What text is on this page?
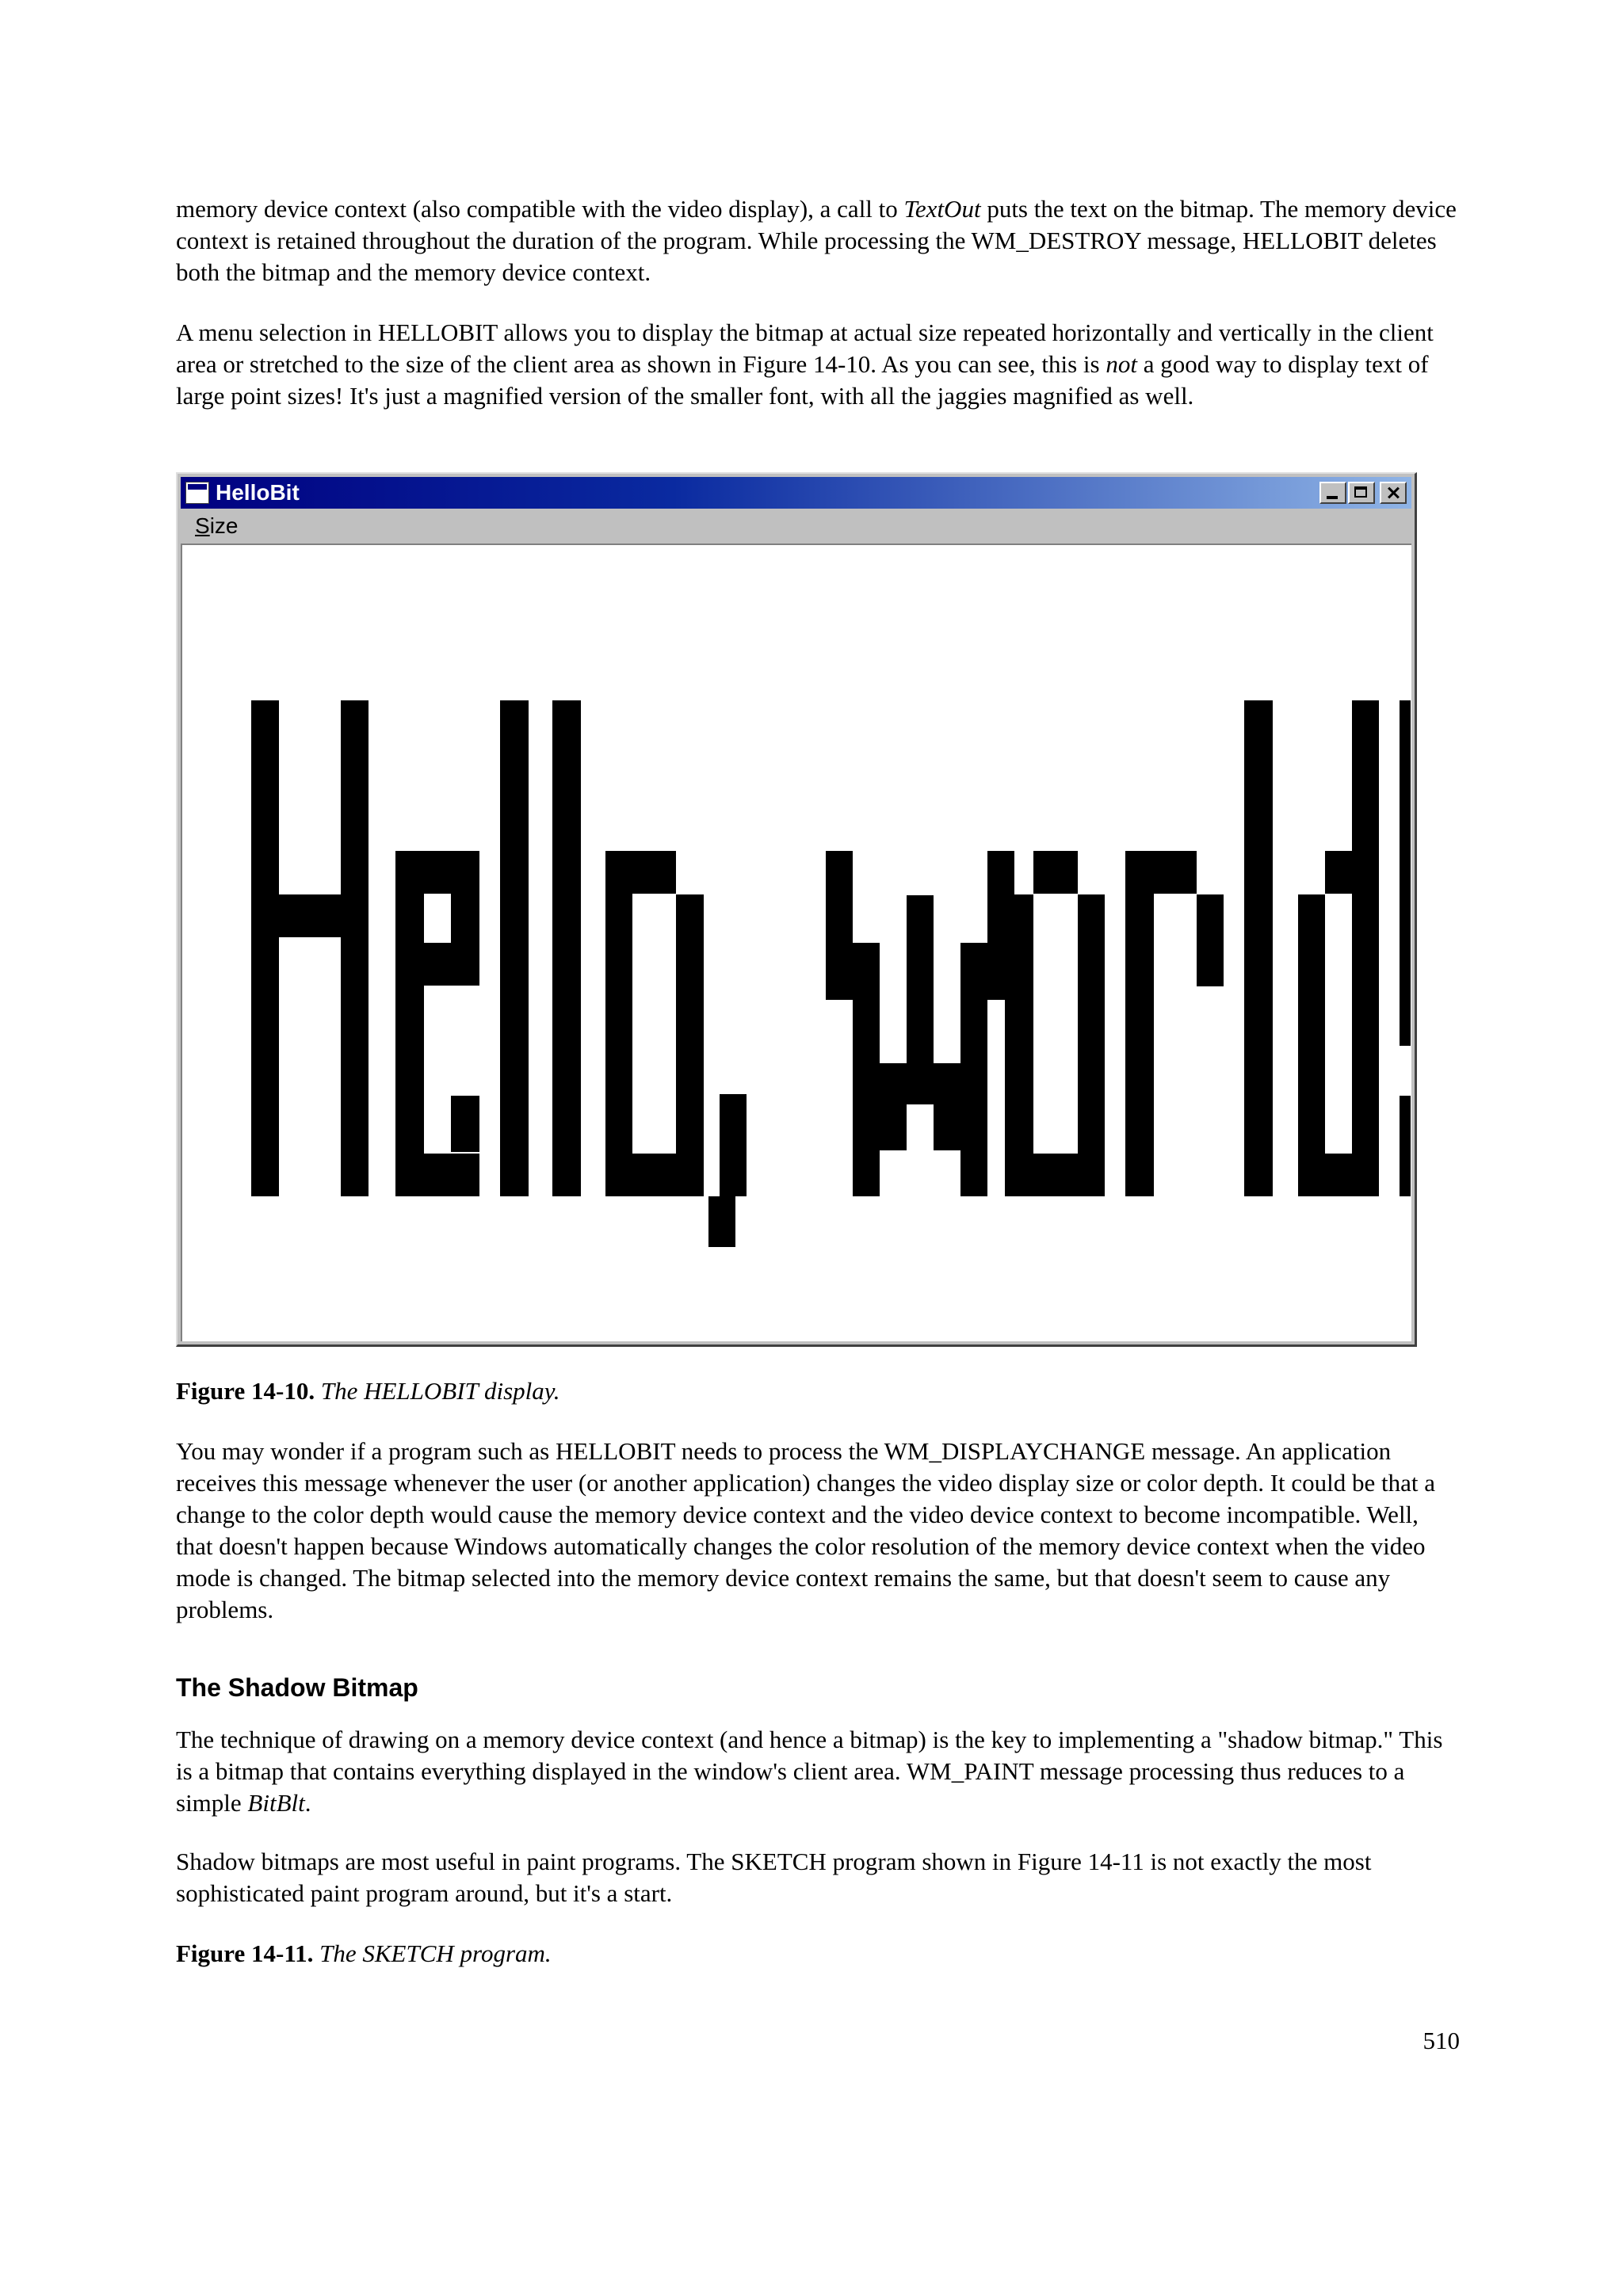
memory device context (also compatible with the video display), a call to TextOut puts the text on the bitmap. The memory device context is retained throughout the duration of the program. While processing the WM_DESTROY message, HELLOBIT deletes both the bitmap and the memory device context.

A menu selection in HELLOBIT allows you to display the bitmap at actual size repeated horizontally and vertically in the client area or stretched to the size of the client area as shown in Figure 14-10. As you can see, this is not a good way to display text of large point sizes! It's just a magnified version of the smaller font, with all the jaggies magnified as well.

HelloBit
Size
Figure 14-10. The HELLOBIT display.

You may wonder if a program such as HELLOBIT needs to process the WM_DISPLAYCHANGE message. An application receives this message whenever the user (or another application) changes the video display size or color depth. It could be that a change to the color depth would cause the memory device context and the video device context to become incompatible. Well, that doesn't happen because Windows automatically changes the color resolution of the memory device context when the video mode is changed. The bitmap selected into the memory device context remains the same, but that doesn't seem to cause any problems.

The Shadow Bitmap

The technique of drawing on a memory device context (and hence a bitmap) is the key to implementing a "shadow bitmap." This is a bitmap that contains everything displayed in the window's client area. WM_PAINT message processing thus reduces to a simple BitBlt.

Shadow bitmaps are most useful in paint programs. The SKETCH program shown in Figure 14-11 is not exactly the most sophisticated paint program around, but it's a start.

Figure 14-11. The SKETCH program.
510
